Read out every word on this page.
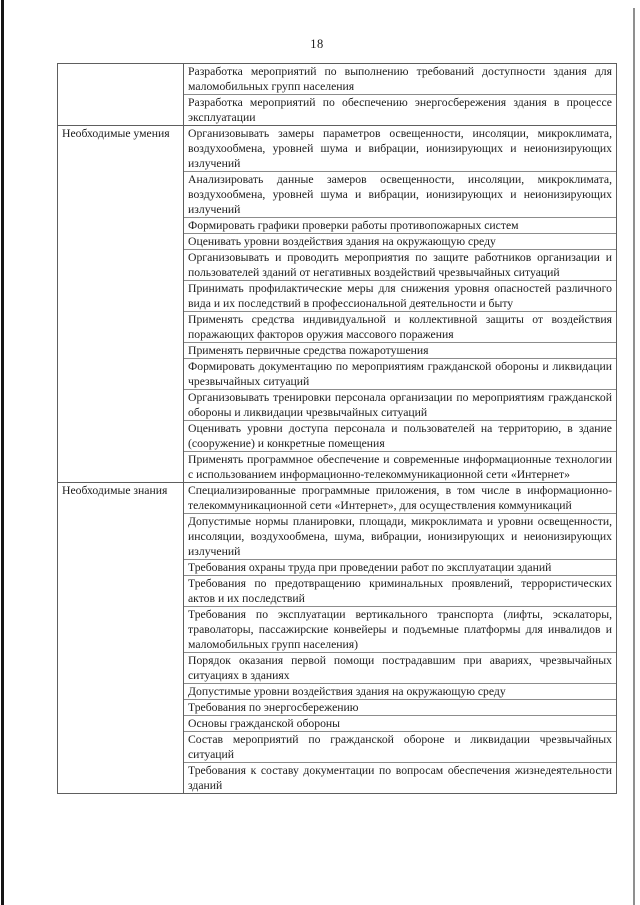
18
Разработка мероприятий по выполнению требований доступности здания для маломобильных групп населения
Разработка мероприятий по обеспечению энергосбережения здания в процессе эксплуатации
Необходимые умения	Организовывать замеры параметров освещенности, инсоляции, микроклимата, воздухообмена, уровней шума и вибрации, ионизирующих и неионизирующих излучений
Анализировать данные замеров освещенности, инсоляции, микроклимата, воздухообмена, уровней шума и вибрации, ионизирующих и неионизирующих излучений
Формировать графики проверки работы противопожарных систем
Оценивать уровни воздействия здания на окружающую среду
Организовывать и проводить мероприятия по защите работников организации и пользователей зданий от негативных воздействий чрезвычайных ситуаций
Принимать профилактические меры для снижения уровня опасностей различного вида и их последствий в профессиональной деятельности и быту
Применять средства индивидуальной и коллективной защиты от воздействия поражающих факторов оружия массового поражения
Применять первичные средства пожаротушения
Формировать документацию по мероприятиям гражданской обороны и ликвидации чрезвычайных ситуаций
Организовывать тренировки персонала организации по мероприятиям гражданской обороны и ликвидации чрезвычайных ситуаций
Оценивать уровни доступа персонала и пользователей на территорию, в здание (сооружение) и конкретные помещения
Применять программное обеспечение и современные информационные технологии с использованием информационно-телекоммуникационной сети «Интернет»
Необходимые знания	Специализированные программные приложения, в том числе в информационно-телекоммуникационной сети «Интернет», для осуществления коммуникаций
Допустимые нормы планировки, площади, микроклимата и уровни освещенности, инсоляции, воздухообмена, шума, вибрации, ионизирующих и неионизирующих излучений
Требования охраны труда при проведении работ по эксплуатации зданий
Требования по предотвращению криминальных проявлений, террористических актов и их последствий
Требования по эксплуатации вертикального транспорта (лифты, эскалаторы, траволаторы, пассажирские конвейеры и подъемные платформы для инвалидов и маломобильных групп населения)
Порядок оказания первой помощи пострадавшим при авариях, чрезвычайных ситуациях в зданиях
Допустимые уровни воздействия здания на окружающую среду
Требования по энергосбережению
Основы гражданской обороны
Состав мероприятий по гражданской обороне и ликвидации чрезвычайных ситуаций
Требования к составу документации по вопросам обеспечения жизнедеятельности зданий
